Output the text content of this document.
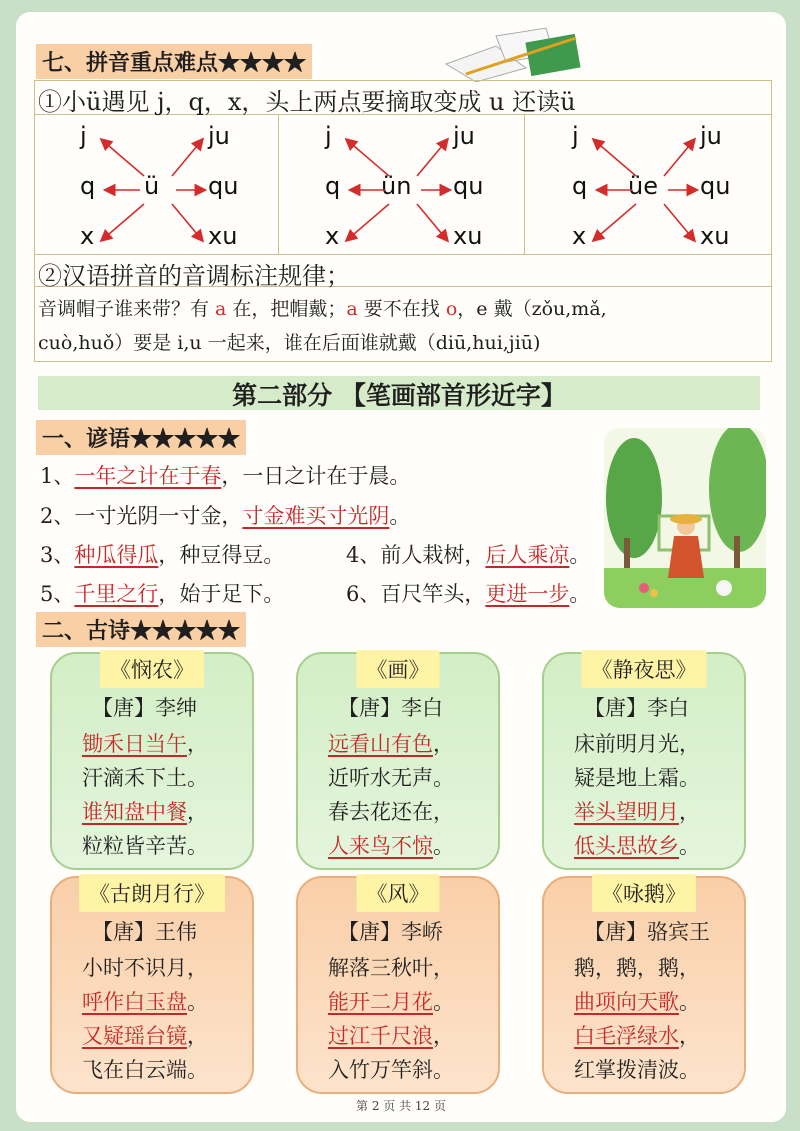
七、拼音重点难点★★★★
①小ü遇见 j，q，x，头上两点要摘取变成 u 还读ü
j
q
x
ju
qu
xu
ü
j
q
x
ju
qu
xu
ün
j
q
x
ju
qu
xu
üe
②汉语拼音的音调标注规律；
音调帽子谁来带？有 a 在，把帽戴；a 要不在找 o，e 戴（zǒu,mǎ,
cuò,huǒ）要是 i,u 一起来，谁在后面谁就戴（diū,hui,jiū)
第二部分 【笔画部首形近字】
一、谚语★★★★★
1、一年之计在于春，一日之计在于晨。
2、一寸光阴一寸金，寸金难买寸光阴。
3、种瓜得瓜，种豆得豆。	4、前人栽树，后人乘凉。
5、千里之行，始于足下。	6、百尺竿头，更进一步。
二、古诗★★★★★
《悯农》
【唐】李绅
锄禾日当午，
汗滴禾下土。
谁知盘中餐，
粒粒皆辛苦。
《画》
【唐】李白
远看山有色，
近听水无声。
春去花还在，
人来鸟不惊。
《静夜思》
【唐】李白
床前明月光，
疑是地上霜。
举头望明月，
低头思故乡。
《古朗月行》
【唐】王伟
小时不识月，
呼作白玉盘。
又疑瑶台镜，
飞在白云端。
《风》
【唐】李峤
解落三秋叶，
能开二月花。
过江千尺浪，
入竹万竿斜。
《咏鹅》
【唐】骆宾王
鹅，鹅，鹅，
曲项向天歌。
白毛浮绿水，
红掌拨清波。
第 2 页 共 12 页
